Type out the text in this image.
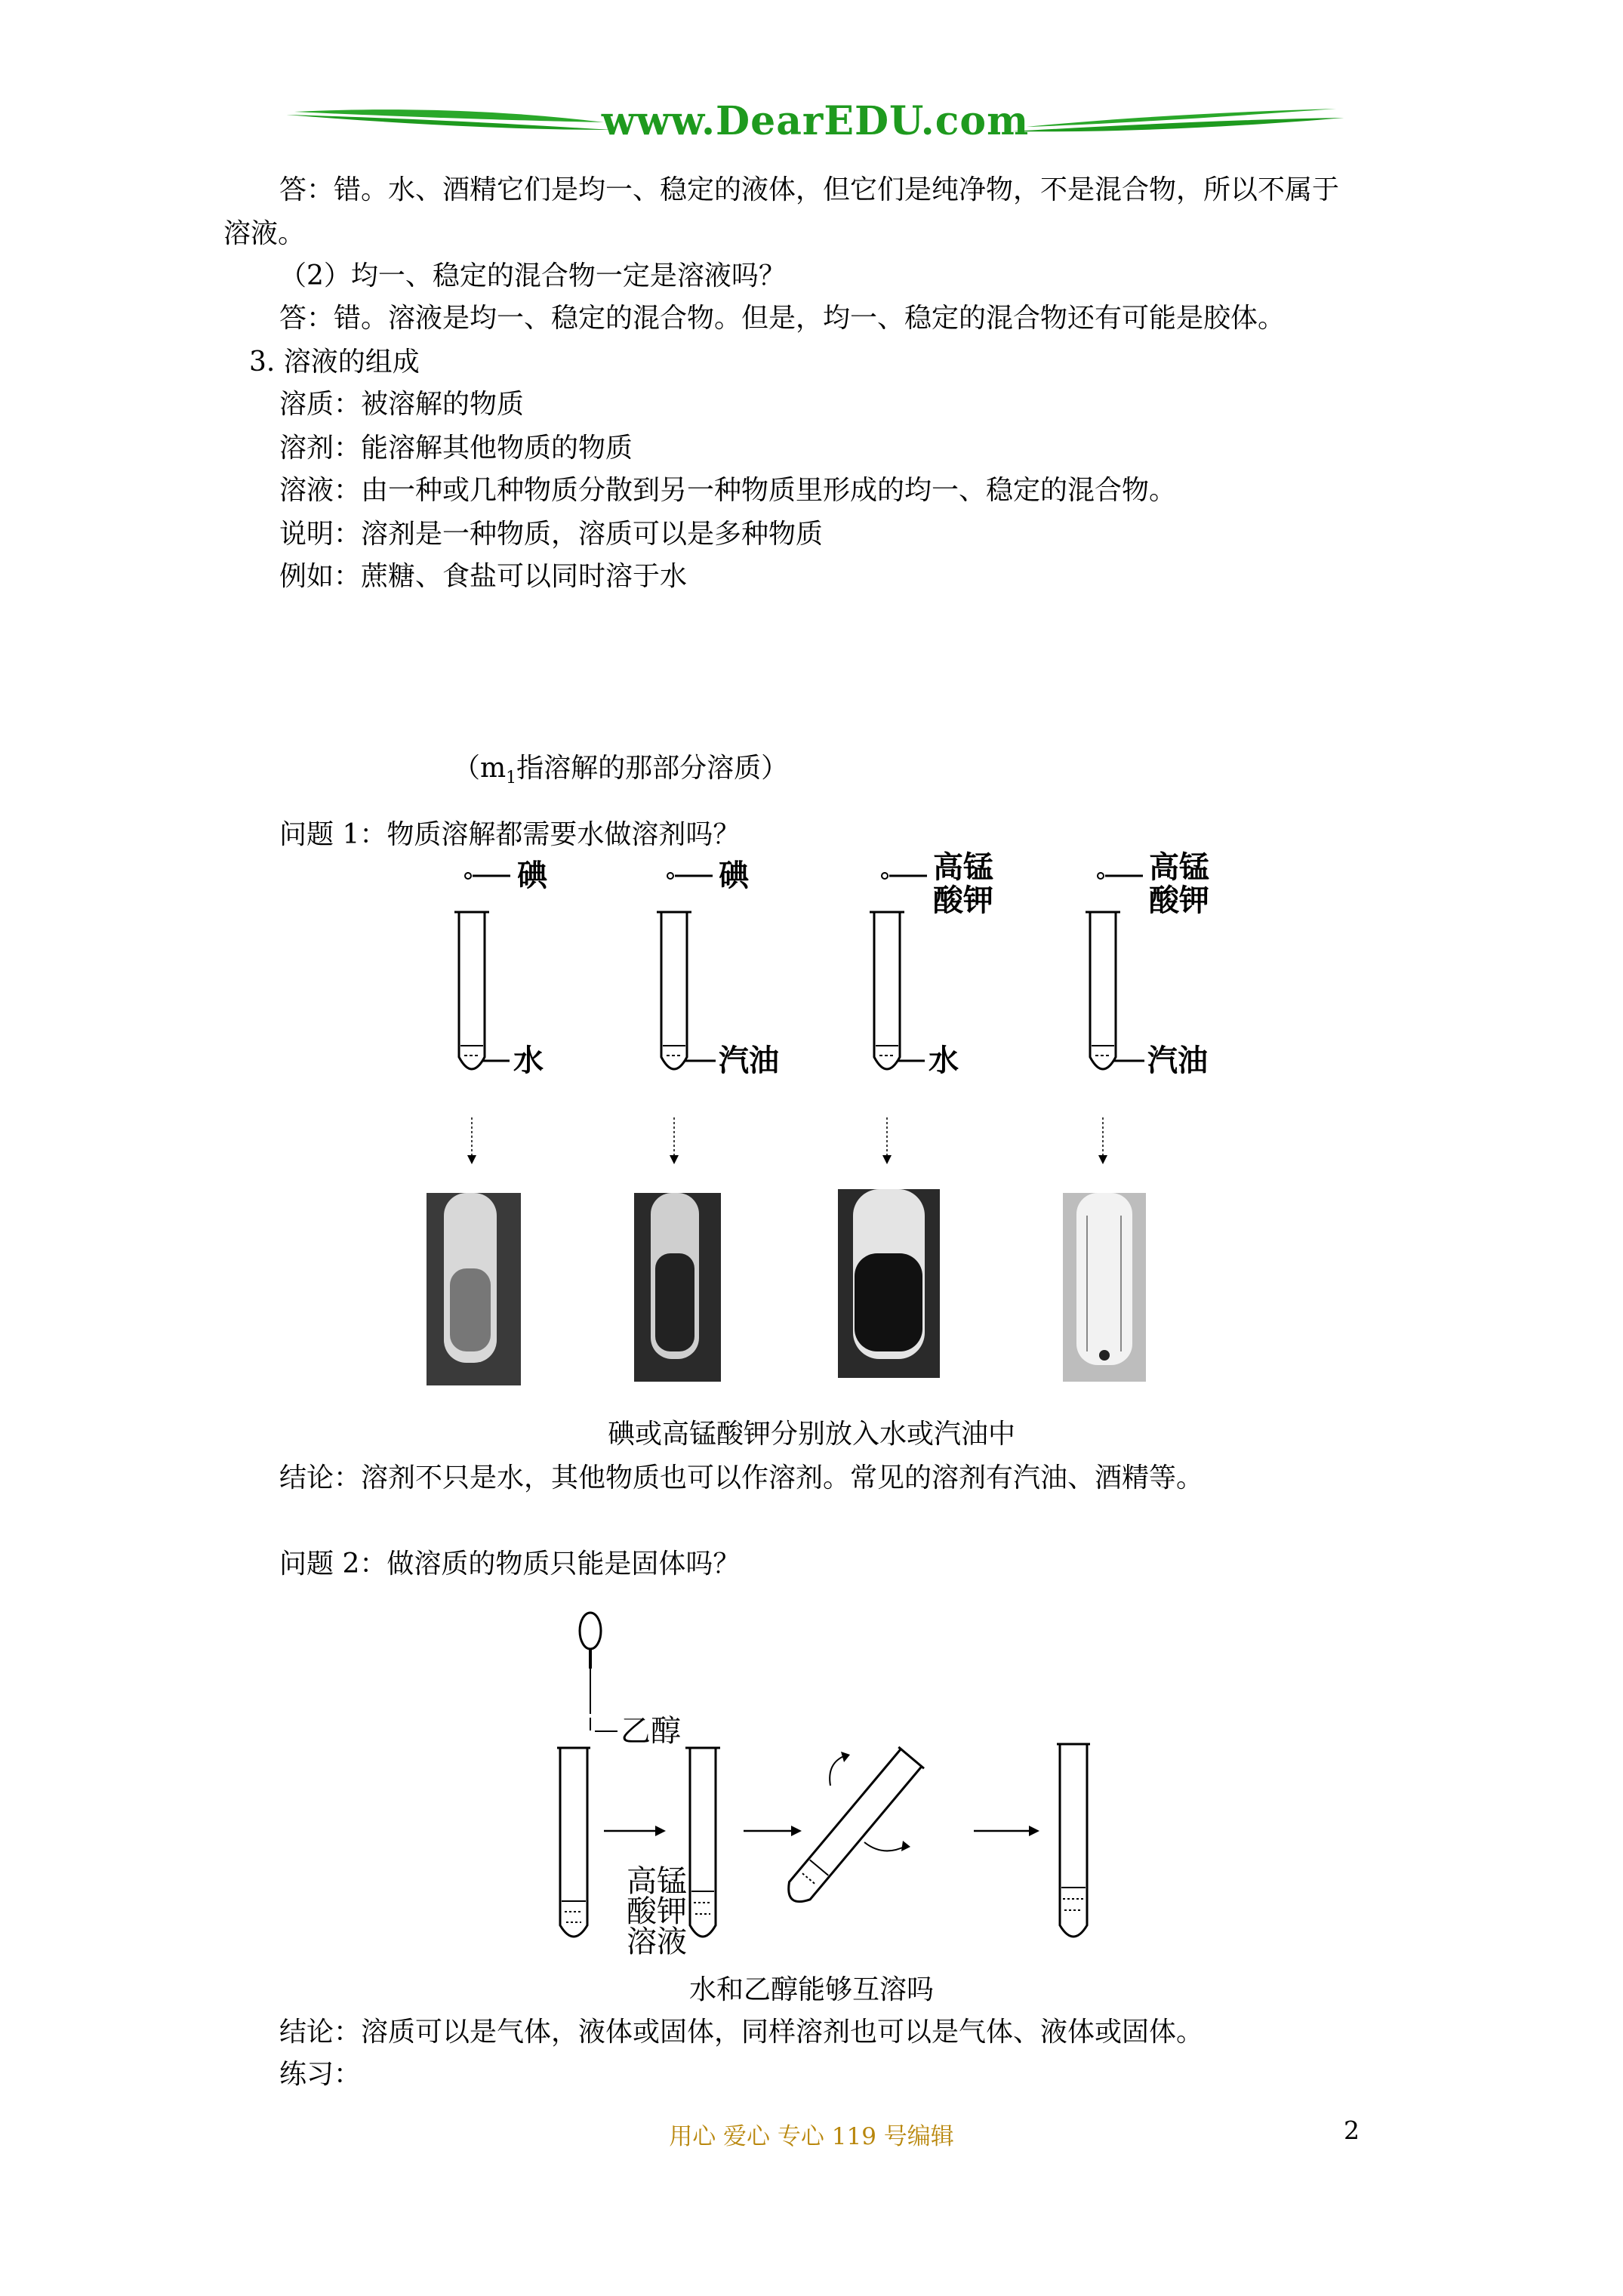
www.DearEDU.com
答：错。水、酒精它们是均一、稳定的液体，但它们是纯净物，不是混合物，所以不属于
溶液。
（2）均一、稳定的混合物一定是溶液吗？
答：错。溶液是均一、稳定的混合物。但是，均一、稳定的混合物还有可能是胶体。
3. 溶液的组成
溶质：被溶解的物质
溶剂：能溶解其他物质的物质
溶液：由一种或几种物质分散到另一种物质里形成的均一、稳定的混合物。
说明：溶剂是一种物质，溶质可以是多种物质
例如：蔗糖、食盐可以同时溶于水
（$m_1$指溶解的那部分溶质）
问题 1：物质溶解都需要水做溶剂吗？
碘
水
碘
汽油
高锰
酸钾
水
高锰
酸钾
汽油
碘或高锰酸钾分别放入水或汽油中
结论：溶剂不只是水，其他物质也可以作溶剂。常见的溶剂有汽油、酒精等。
问题 2：做溶质的物质只能是固体吗？
乙醇
高锰
酸钾
溶液
水和乙醇能够互溶吗
结论：溶质可以是气体，液体或固体，同样溶剂也可以是气体、液体或固体。
练习：
用心 爱心 专心 119 号编辑	2
